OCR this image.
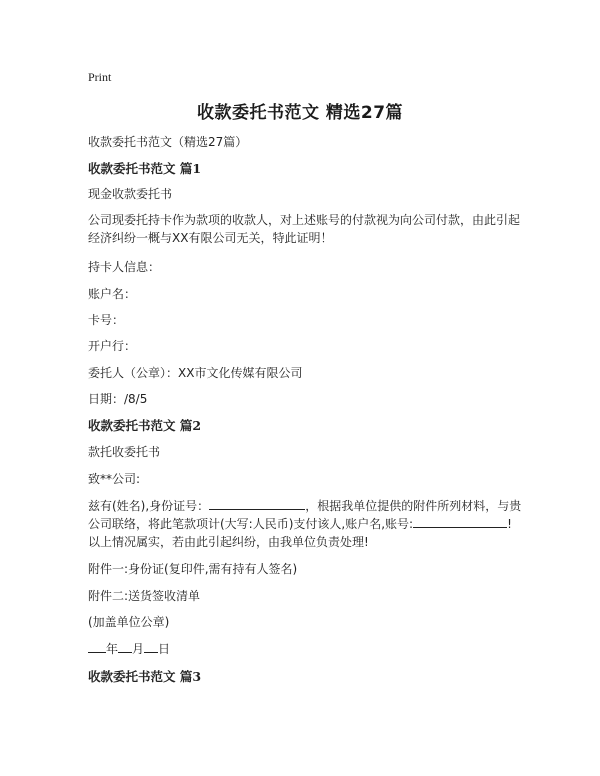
Print
收款委托书范文 精选27篇
收款委托书范文（精选27篇）
收款委托书范文 篇1
现金收款委托书
公司现委托持卡作为款项的收款人，对上述账号的付款视为向公司付款，由此引起
经济纠纷一概与XX有限公司无关，特此证明！
持卡人信息：
账户名：
卡号：
开户行：
委托人（公章）：XX市文化传媒有限公司
日期：/8/5
收款委托书范文 篇2
款托收委托书
致**公司:
兹有(姓名),身份证号：	，根据我单位提供的附件所列材料，与贵
公司联络，将此笔款项计(大写:人民币)支付该人,账户名,账号:	!
以上情况属实，若由此引起纠纷，由我单位负责处理!
附件一:身份证(复印件,需有持有人签名)
附件二:送货签收清单
(加盖单位公章)
年 月 日
收款委托书范文 篇3
